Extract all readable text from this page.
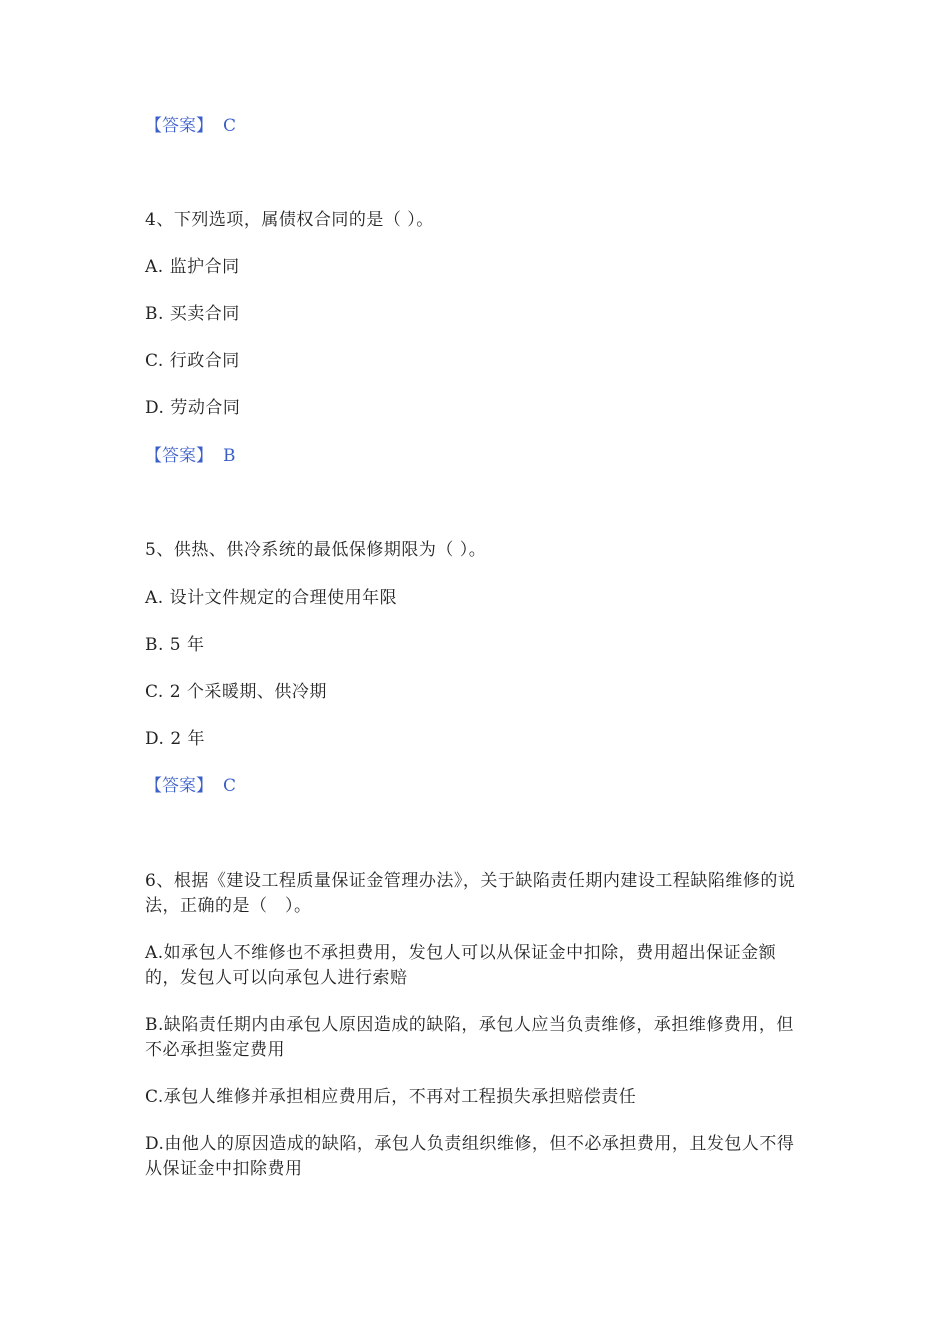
【答案】 C
4、下列选项，属债权合同的是（ ）。
A. 监护合同
B. 买卖合同
C. 行政合同
D. 劳动合同
【答案】 B
5、供热、供冷系统的最低保修期限为（ ）。
A. 设计文件规定的合理使用年限
B. 5 年
C. 2 个采暖期、供冷期
D. 2 年
【答案】 C
6、根据《建设工程质量保证金管理办法》，关于缺陷责任期内建设工程缺陷维修的说法，正确的是（　）。
A.如承包人不维修也不承担费用，发包人可以从保证金中扣除，费用超出保证金额的，发包人可以向承包人进行索赔
B.缺陷责任期内由承包人原因造成的缺陷，承包人应当负责维修，承担维修费用，但不必承担鉴定费用
C.承包人维修并承担相应费用后，不再对工程损失承担赔偿责任
D.由他人的原因造成的缺陷，承包人负责组织维修，但不必承担费用，且发包人不得从保证金中扣除费用
